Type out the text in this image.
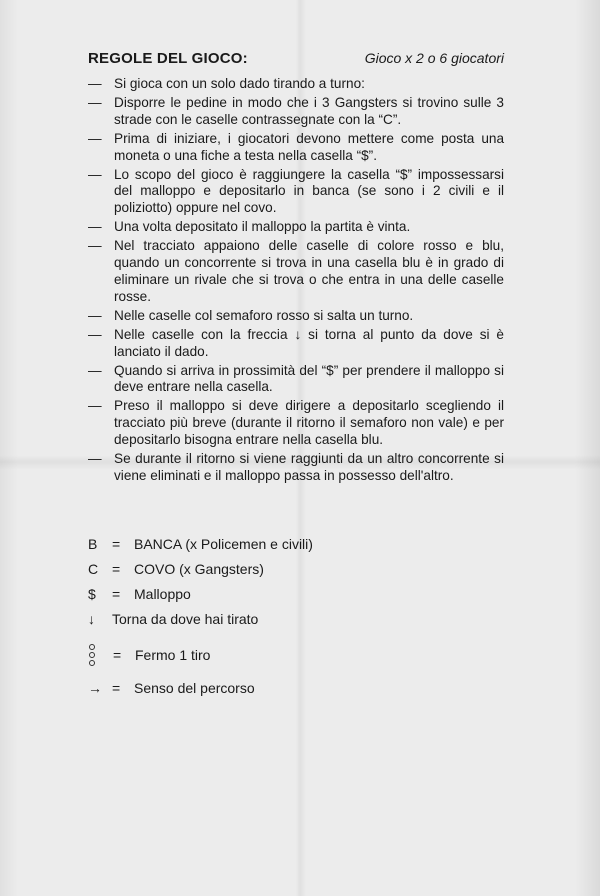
REGOLE DEL GIOCO:	Gioco x 2 o 6 giocatori
— Si gioca con un solo dado tirando a turno:
— Disporre le pedine in modo che i 3 Gangsters si trovino sulle 3 strade con le caselle contrassegnate con la “C”.
— Prima di iniziare, i giocatori devono mettere come posta una moneta o una fiche a testa nella casella “$”.
— Lo scopo del gioco è raggiungere la casella “$” impossessarsi del malloppo e depositarlo in banca (se sono i 2 civili e il poliziotto) oppure nel covo.
— Una volta depositato il malloppo la partita è vinta.
— Nel tracciato appaiono delle caselle di colore rosso e blu, quando un concorrente si trova in una casella blu è in grado di eliminare un rivale che si trova o che entra in una delle caselle rosse.
— Nelle caselle col semaforo rosso si salta un turno.
— Nelle caselle con la freccia ↓ si torna al punto da dove si è lanciato il dado.
— Quando si arriva in prossimità del “$” per prendere il malloppo si deve entrare nella casella.
— Preso il malloppo si deve dirigere a depositarlo scegliendo il tracciato più breve (durante il ritorno il semaforo non vale) e per depositarlo bisogna entrare nella casella blu.
— Se durante il ritorno si viene raggiunti da un altro concorrente si viene eliminati e il malloppo passa in possesso dell'altro.
B	= BANCA (x Policemen e civili)
C = COVO (x Gangsters)
$	= Malloppo
↓	Torna da dove hai tirato
= Fermo 1 tiro
→ = Senso del percorso
